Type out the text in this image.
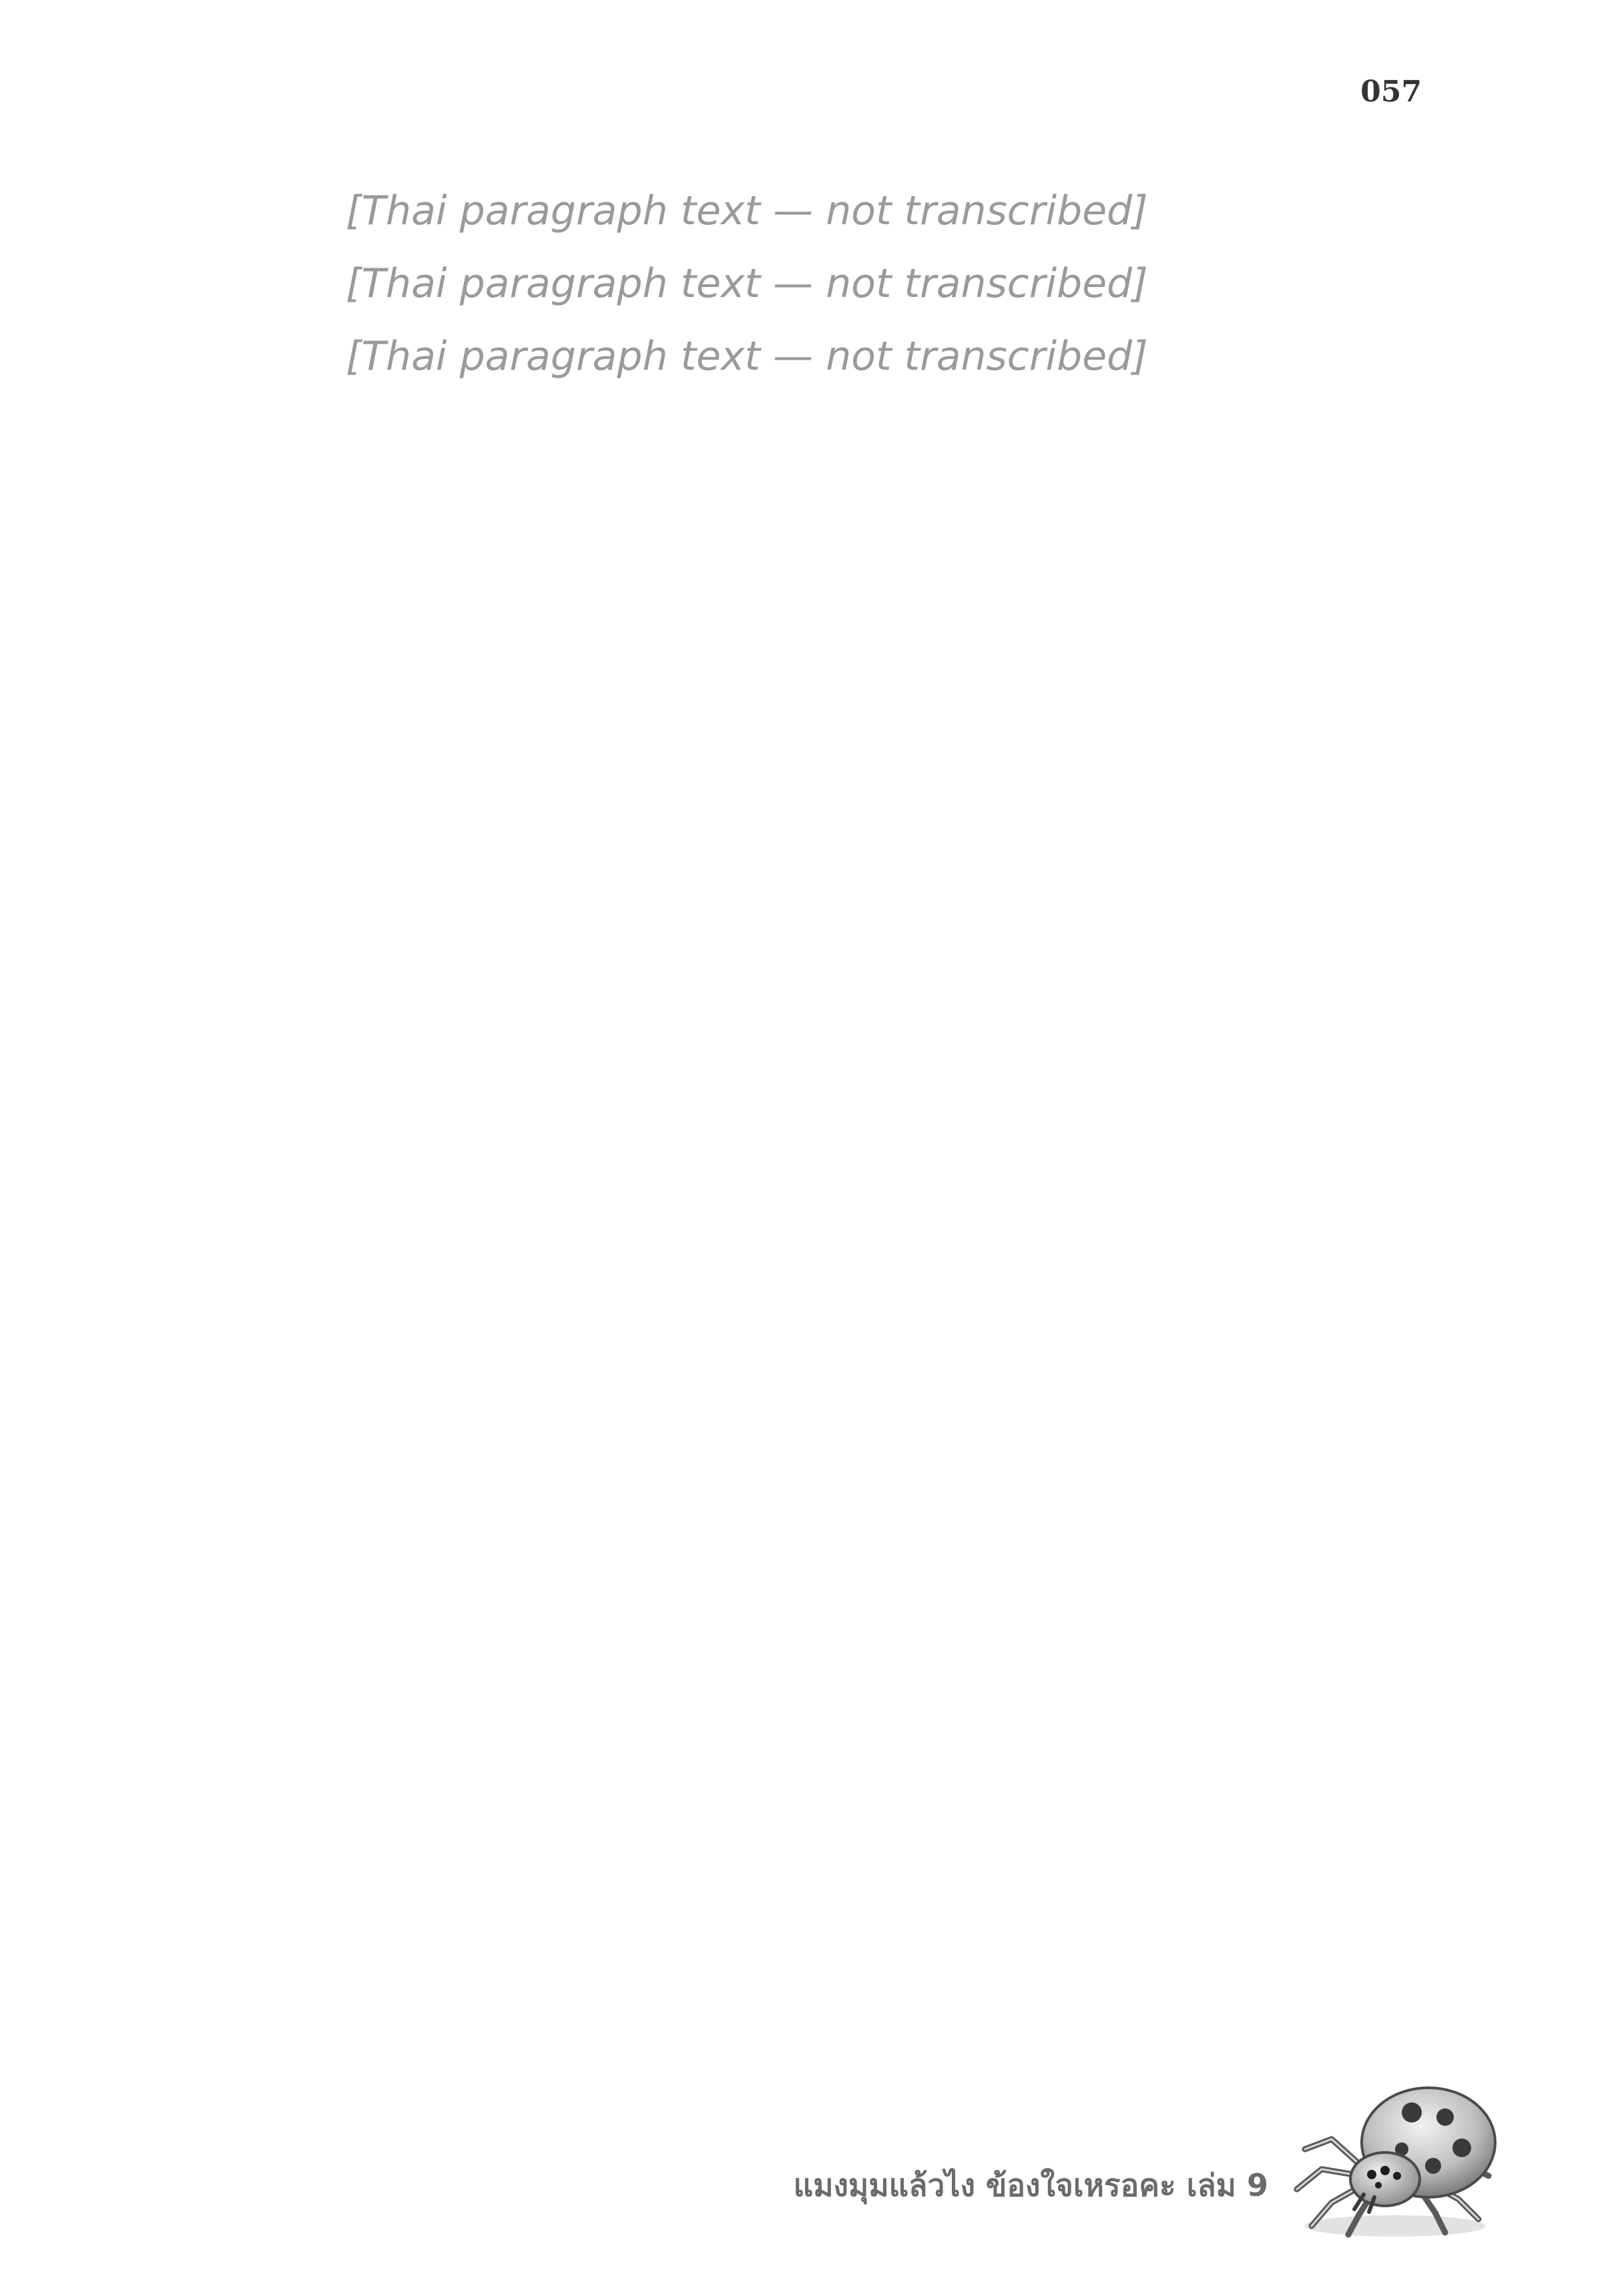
057

[Thai paragraph text — not transcribed]

[Thai paragraph text — not transcribed]

[Thai paragraph text — not transcribed]

แมงมุมแล้วไง ข้องใจเหรอคะ เล่ม 9
